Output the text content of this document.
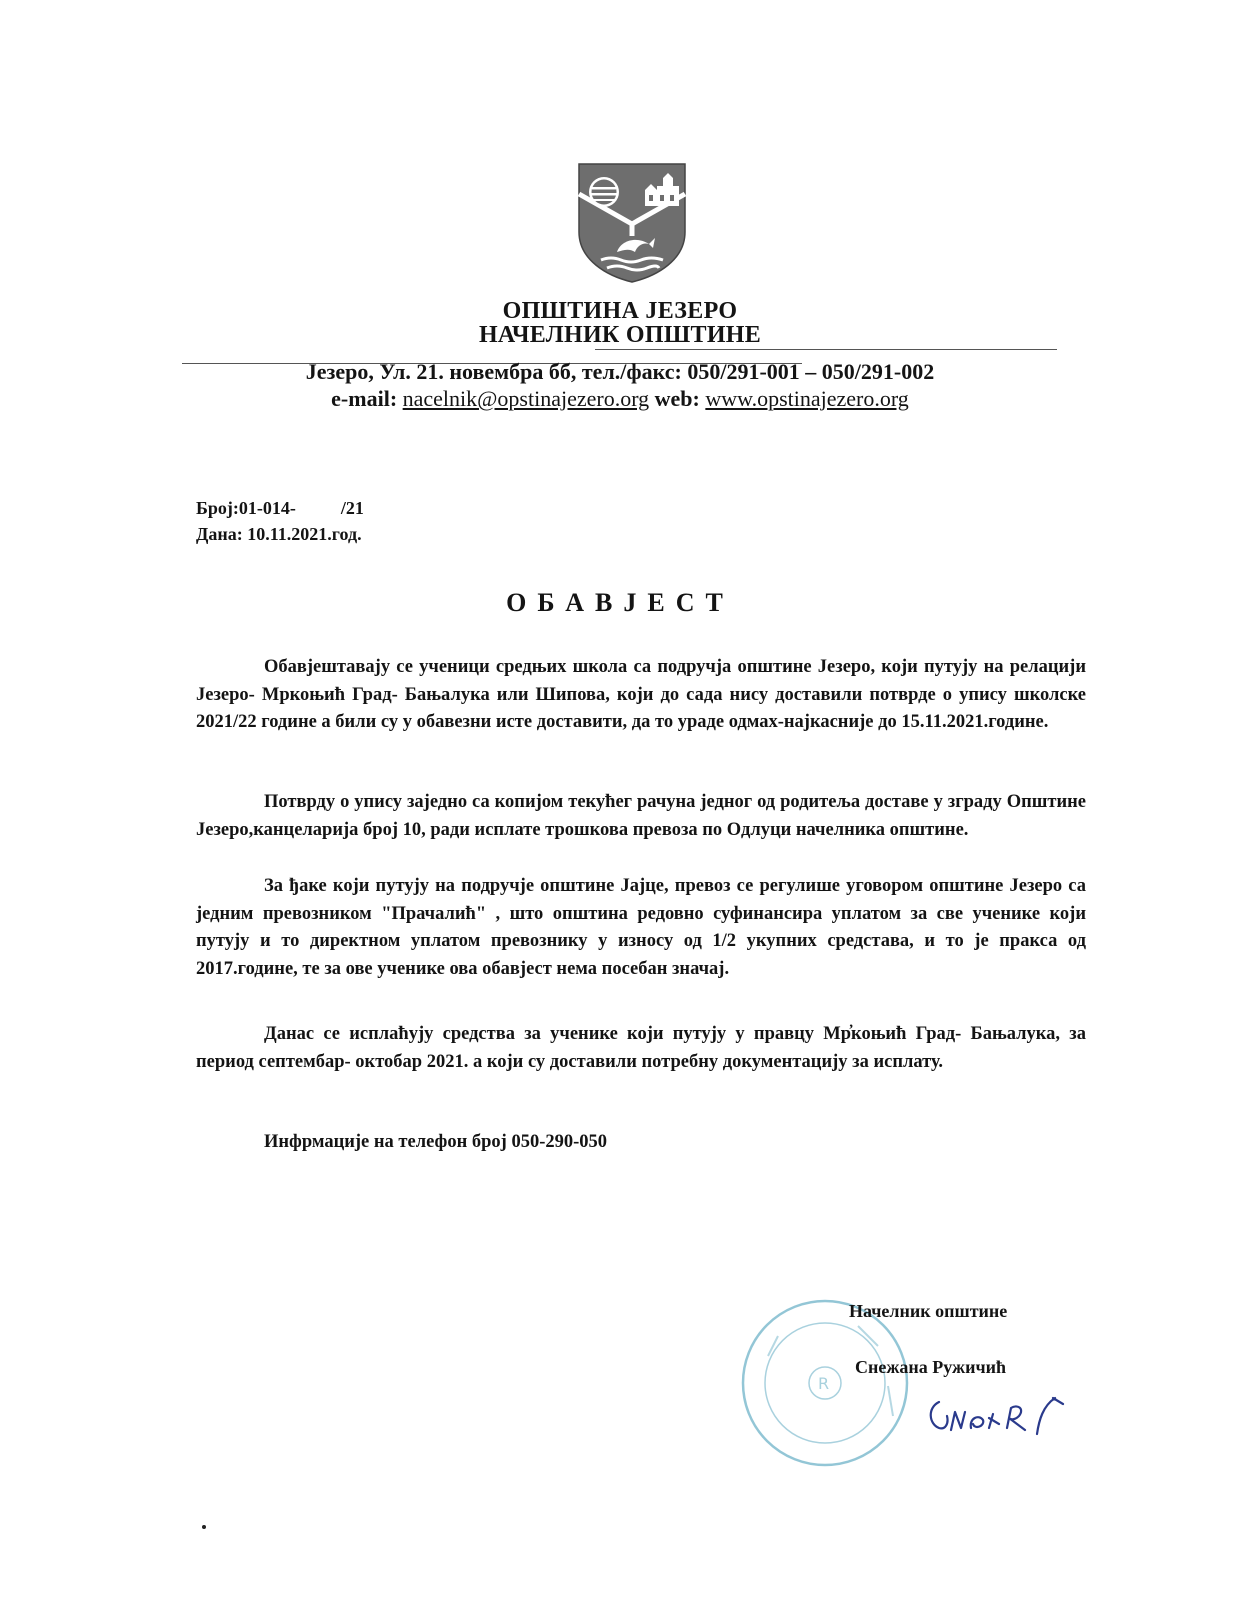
ОПШТИНА ЈЕЗЕРО
НАЧЕЛНИК ОПШТИНЕ
Језеро, Ул. 21. новембра бб, тел./факс: 050/291-001 – 050/291-002
e-mail: nacelnik@opstinajezero.org web: www.opstinajezero.org
Број:01-014-          /21
Дана: 10.11.2021.год.
ОБАВЈЕСТ

Обавјештавају се ученици средњих школа са подручја општине Језеро, који путују на релацији Језеро- Мркоњић Град- Бањалука или Шипова, који до сада нису доставили потврде о упису школске 2021/22 године а били су у обавезни исте доставити, да то ураде одмах-најкасније до 15.11.2021.године.

Потврду о упису заједно са копијом текућег рачуна једног од родитеља доставе у зграду Општине Језеро,канцеларија број 10, ради исплате трошкова превоза по Одлуци начелника општине.

За ђаке који путују на подручје општине Јајце, превоз се регулише уговором општине Језеро са једним превозником "Прачалић" , што општина редовно суфинансира уплатом за све ученике који путују и то директном уплатом превознику у износу од 1/2 укупних средстава, и то је пракса од 2017.године, те за ове ученике ова обавјест нема посебан значај.

Данас се исплаћују средства за ученике који путују у правцу Мр̓коњић Град- Бањалука, за период септембар- октобар 2021. а који су доставили потребну документацију за исплату.

Инфрмације на телефон број 050-290-050

R
Начелник општине
Снежана Ружичић
